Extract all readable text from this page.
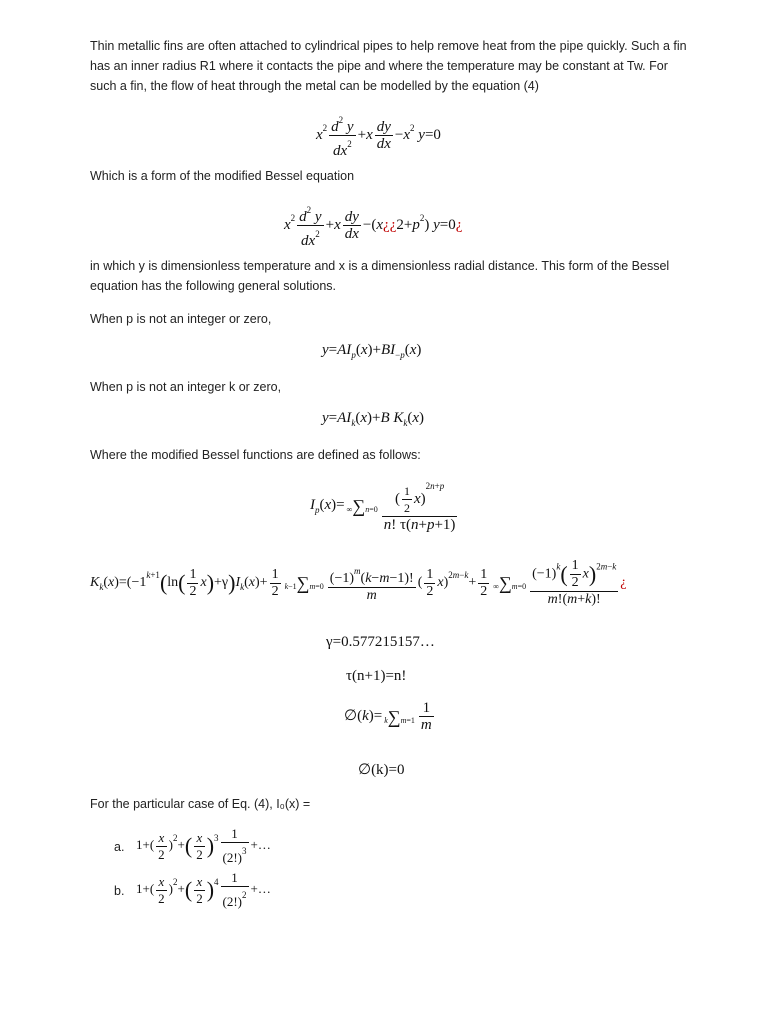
Thin metallic fins are often attached to cylindrical pipes to help remove heat from the pipe quickly. Such a fin has an inner radius R1 where it contacts the pipe and where the temperature may be constant at Tw. For such a fin, the flow of heat through the metal can be modelled by the equation (4)

$x^2 \frac{d^2 y}{dx^2} +x \frac{dy}{dx} -x^2$ y=0

Which is a form of the modified Bessel equation

$x^2 \frac{d^2 y}{dx^2} +x \frac{dy}{dx}$ $-(x¿¿2+p^2)$ y=0¿

in which y is dimensionless temperature and x is a dimensionless radial distance. This form of the Bessel equation has the following general solutions.

When p is not an integer or zero,

$y=AI_p(x)+BI_{-p}(x)$

When p is not an integer k or zero,

$y=AI_k(x)+B$ $K_k(x)$

Where the modified Bessel functions are defined as follows:

$I_p(x)= \infty\sum n=0 \frac{( \frac{1}{2} x)^{2n+p}}{n! \tau(n+p+1)}$
$K_k(x)=(-1^{k+1}(\ln( \frac{1}{2} x)+\gamma)I_k(x)+ \frac{1}{2} k-1\sum m=0 \frac{(-1)^m(k-m-1)!}{m}$ ( $\frac{1}{2} x)^{2m-k}+ \frac{1}{2} \infty\sum m=0 \frac{(-1)^k( \frac{1}{2} x)^{2m-k}}{m!(m+k)!}$ ¿
γ=0.577215157…
τ(n+1)=n!
∅(k)= $k\sum m=1 \frac{1}{m}$
∅(k)=0

For the particular case of Eq. (4), I₀(x) =

a. $1+( \frac{x}{2} )^2+( \frac{x}{2} )^3 \frac{1}{(2!)^3}$ +…
b. $1+( \frac{x}{2} )^2+( \frac{x}{2} )^4 \frac{1}{(2!)^2}$ +…
